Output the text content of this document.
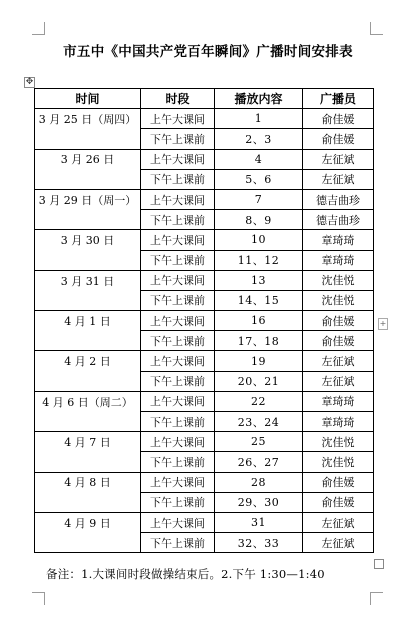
市五中《中国共产党百年瞬间》广播时间安排表
✥
+
时间	时段	播放内容	广播员
3 月 25 日（周四）	上午大课间	1	俞佳媛
	下午上课前	2、3	俞佳媛
3 月 26 日	上午大课间	4	左征斌
	下午上课前	5、6	左征斌
3 月 29 日（周一）	上午大课间	7	德吉曲珍
	下午上课前	8、9	德吉曲珍
3 月 30 日	上午大课间	10	章琦琦
	下午上课前	11、12	章琦琦
3 月 31 日	上午大课间	13	沈佳悦
	下午上课前	14、15	沈佳悦
4 月 1 日	上午大课间	16	俞佳媛
	下午上课前	17、18	俞佳媛
4 月 2 日	上午大课间	19	左征斌
	下午上课前	20、21	左征斌
4 月 6 日（周二）	上午大课间	22	章琦琦
	下午上课前	23、24	章琦琦
4 月 7 日	上午大课间	25	沈佳悦
	下午上课前	26、27	沈佳悦
4 月 8 日	上午大课间	28	俞佳媛
	下午上课前	29、30	俞佳媛
4 月 9 日	上午大课间	31	左征斌
	下午上课前	32、33	左征斌
备注：1.大课间时段做操结束后。2.下午 1:30—1:40
